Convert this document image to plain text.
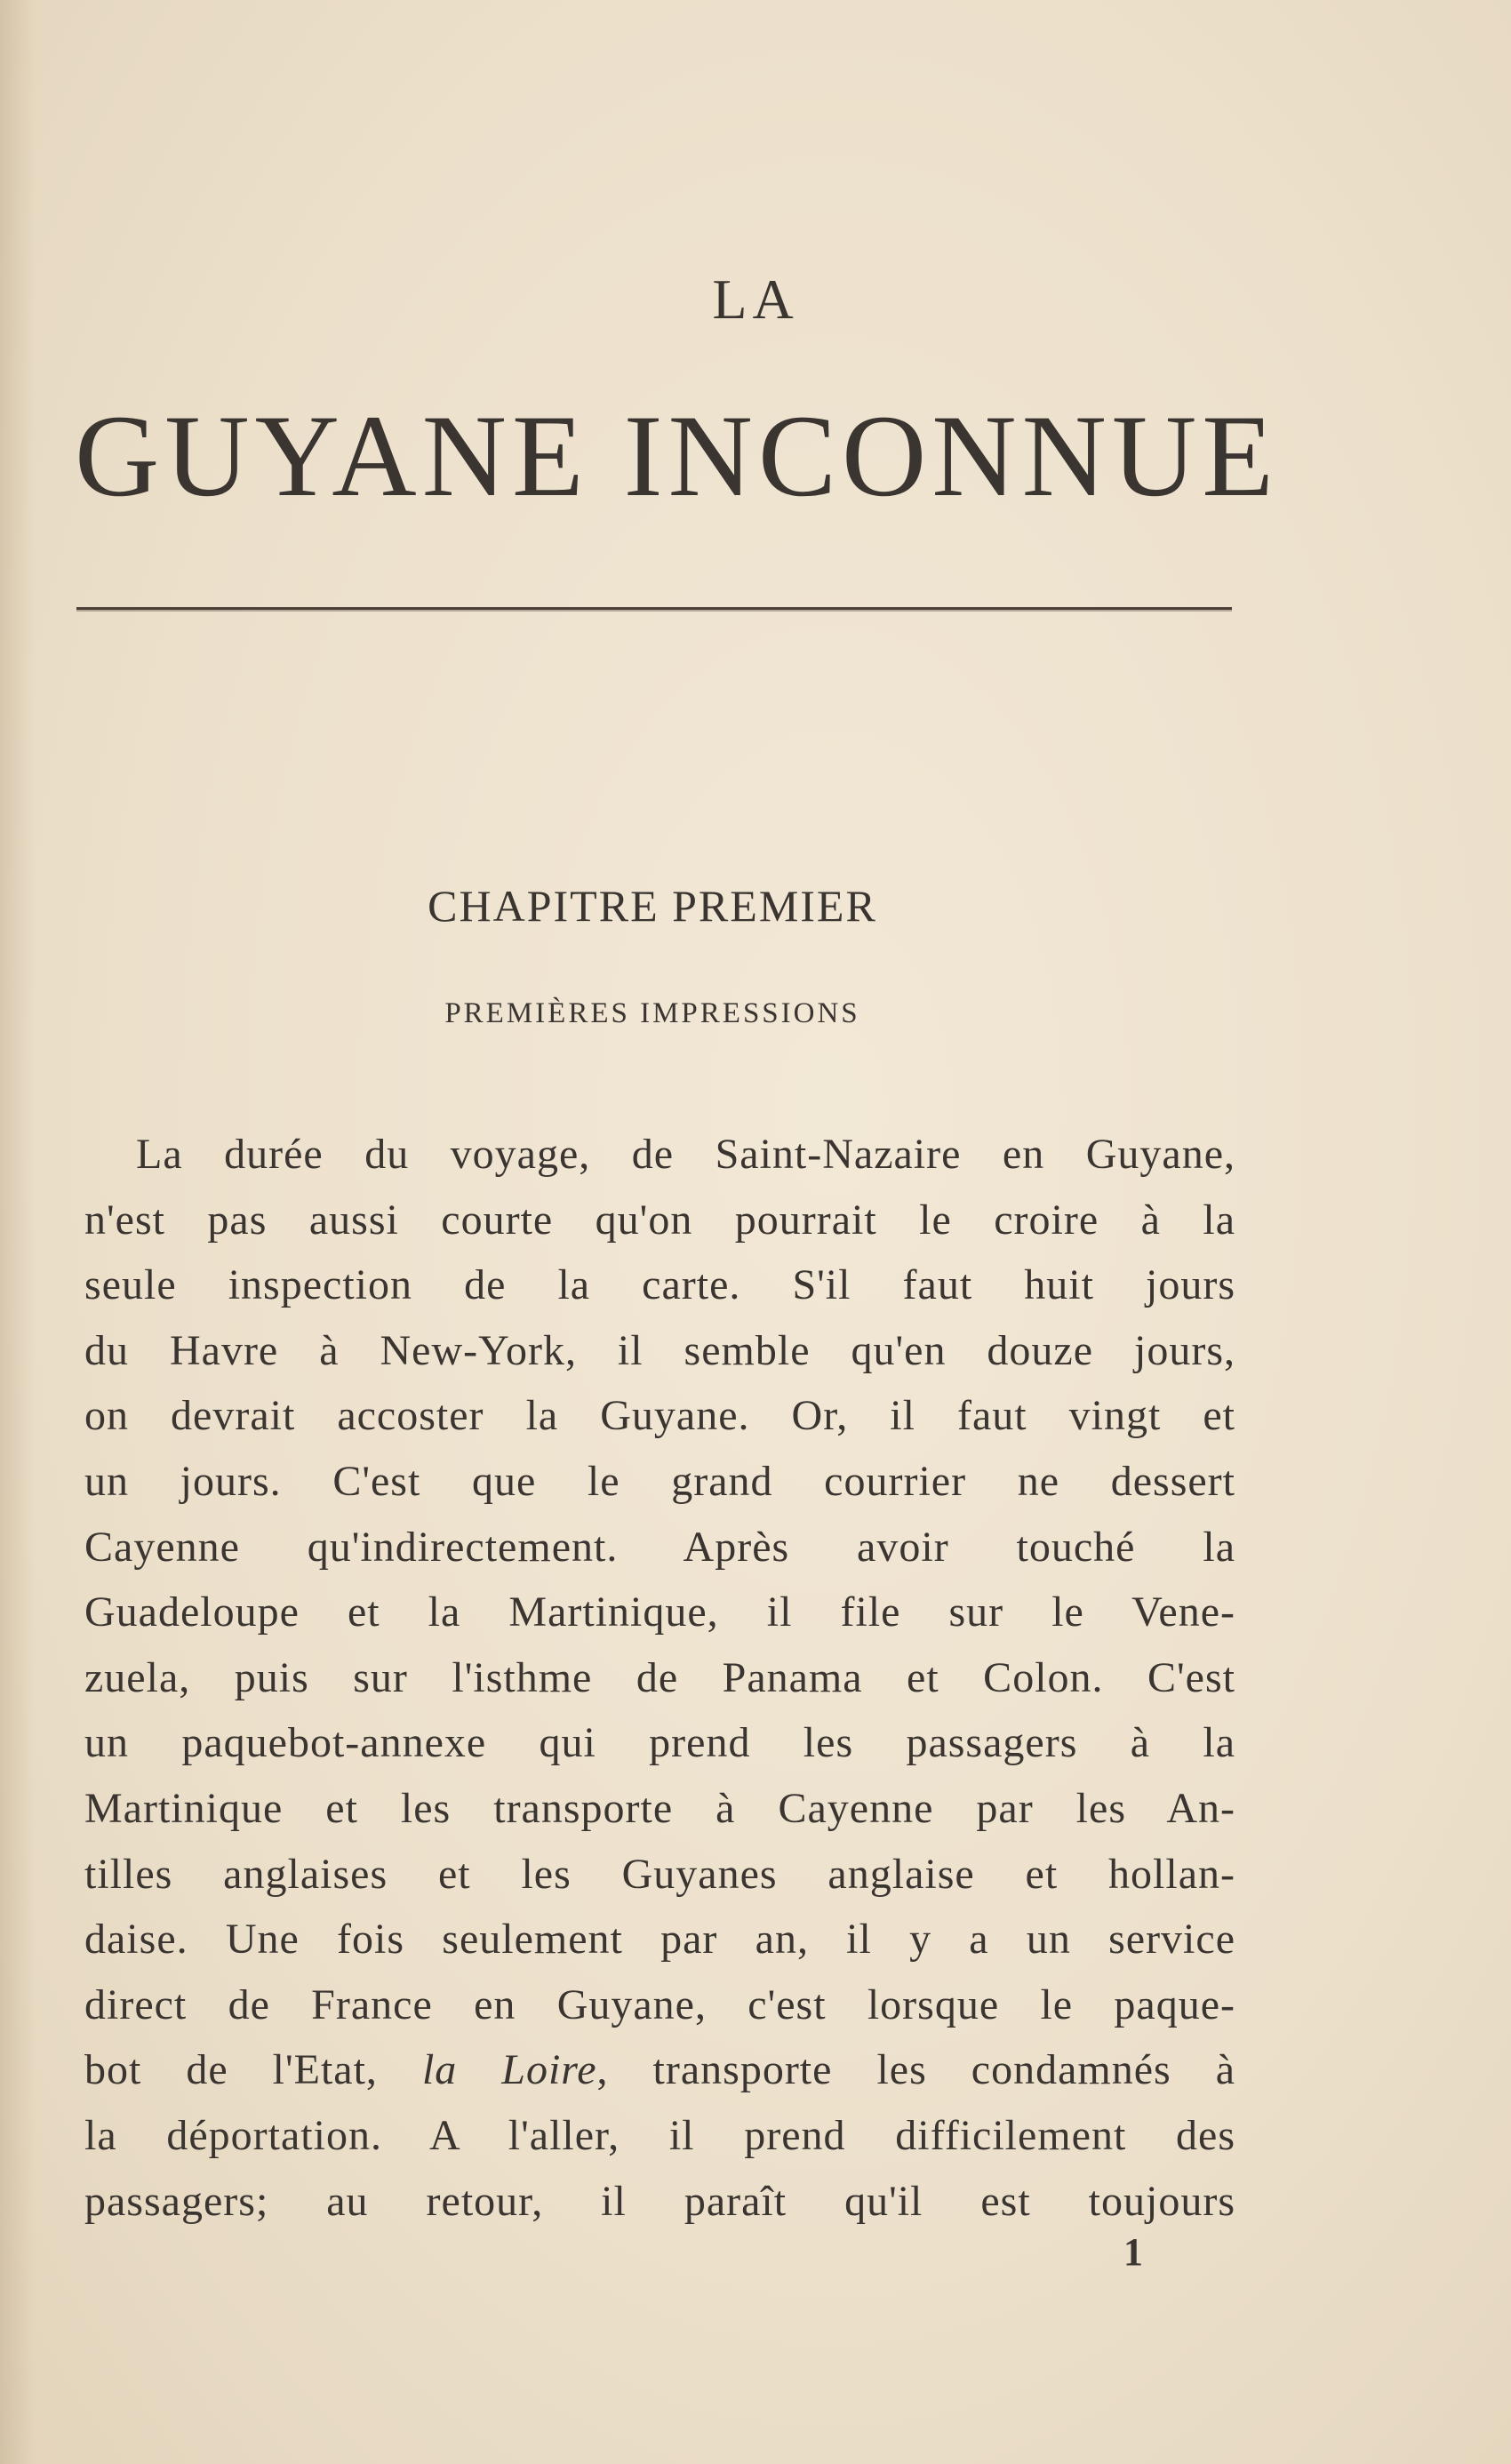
LA
GUYANE INCONNUE
CHAPITRE PREMIER
PREMIÈRES IMPRESSIONS
La durée du voyage, de Saint-Nazaire en Guyane,
n'est pas aussi courte qu'on pourrait le croire à la
seule inspection de la carte. S'il faut huit jours
du Havre à New-York, il semble qu'en douze jours,
on devrait accoster la Guyane. Or, il faut vingt et
un jours. C'est que le grand courrier ne dessert
Cayenne qu'indirectement. Après avoir touché la
Guadeloupe et la Martinique, il file sur le Vene-
zuela, puis sur l'isthme de Panama et Colon. C'est
un paquebot-annexe qui prend les passagers à la
Martinique et les transporte à Cayenne par les An-
tilles anglaises et les Guyanes anglaise et hollan-
daise. Une fois seulement par an, il y a un service
direct de France en Guyane, c'est lorsque le paque-
bot de l'Etat, la Loire, transporte les condamnés à
la déportation. A l'aller, il prend difficilement des
passagers; au retour, il paraît qu'il est toujours
1
